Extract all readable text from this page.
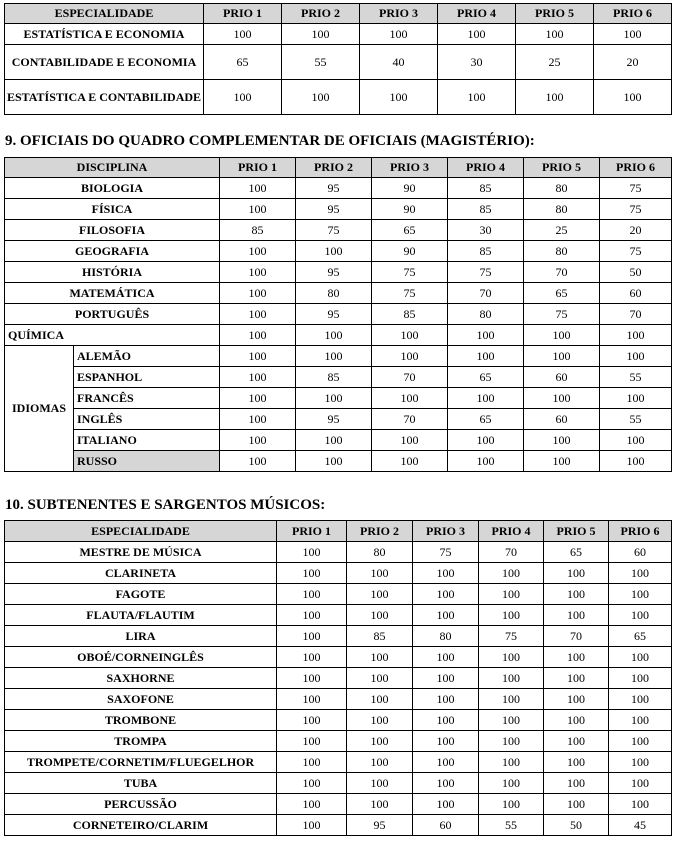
ESPECIALIDADE	PRIO 1	PRIO 2	PRIO 3	PRIO 4	PRIO 5	PRIO 6
ESTATÍSTICA E ECONOMIA	100	100	100	100	100	100
CONTABILIDADE E ECONOMIA	65	55	40	30	25	20
ESTATÍSTICA E CONTABILIDADE	100	100	100	100	100	100
9. OFICIAIS DO QUADRO COMPLEMENTAR DE OFICIAIS (MAGISTÉRIO):
DISCIPLINA		PRIO 1	PRIO 2	PRIO 3	PRIO 4	PRIO 5	PRIO 6
BIOLOGIA		100	95	90	85	80	75
FÍSICA		100	95	90	85	80	75
FILOSOFIA		85	75	65	30	25	20
GEOGRAFIA		100	100	90	85	80	75
HISTÓRIA		100	95	75	75	70	50
MATEMÁTICA		100	80	75	70	65	60
PORTUGUÊS		100	95	85	80	75	70
QUÍMICA		100	100	100	100	100	100
IDIOMAS	ALEMÃO	100	100	100	100	100	100
	ESPANHOL	100	85	70	65	60	55
	FRANCÊS	100	100	100	100	100	100
	INGLÊS	100	95	70	65	60	55
	ITALIANO	100	100	100	100	100	100
	RUSSO	100	100	100	100	100	100
10. SUBTENENTES E SARGENTOS MÚSICOS:
ESPECIALIDADE	PRIO 1	PRIO 2	PRIO 3	PRIO 4	PRIO 5	PRIO 6
MESTRE DE MÚSICA	100	80	75	70	65	60
CLARINETA	100	100	100	100	100	100
FAGOTE	100	100	100	100	100	100
FLAUTA/FLAUTIM	100	100	100	100	100	100
LIRA	100	85	80	75	70	65
OBOÉ/CORNEINGLÊS	100	100	100	100	100	100
SAXHORNE	100	100	100	100	100	100
SAXOFONE	100	100	100	100	100	100
TROMBONE	100	100	100	100	100	100
TROMPA	100	100	100	100	100	100
TROMPETE/CORNETIM/FLUEGELHOR	100	100	100	100	100	100
TUBA	100	100	100	100	100	100
PERCUSSÃO	100	100	100	100	100	100
CORNETEIRO/CLARIM	100	95	60	55	50	45
